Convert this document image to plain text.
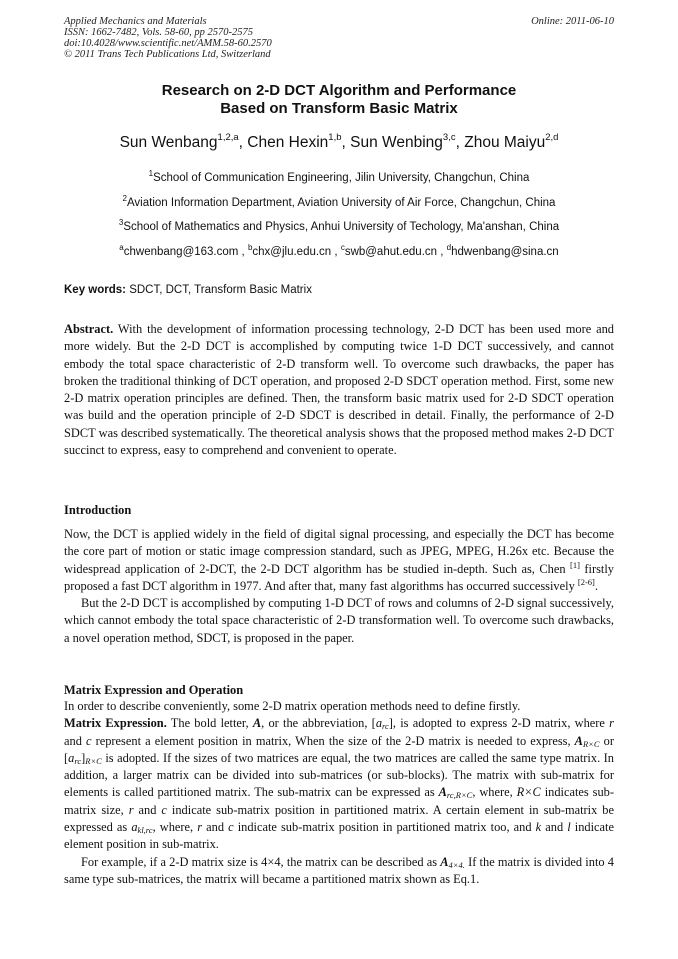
Applied Mechanics and Materials
ISSN: 1662-7482, Vols. 58-60, pp 2570-2575
doi:10.4028/www.scientific.net/AMM.58-60.2570
© 2011 Trans Tech Publications Ltd, Switzerland
Online: 2011-06-10
Research on 2-D DCT Algorithm and Performance
Based on Transform Basic Matrix
Sun Wenbang$^{1,2,a}$, Chen Hexin$^{1,b}$, Sun Wenbing$^{3,c}$, Zhou Maiyu$^{2,d}$
$^1$School of Communication Engineering, Jilin University, Changchun, China
$^2$Aviation Information Department, Aviation University of Air Force, Changchun, China
$^3$School of Mathematics and Physics, Anhui University of Techology, Ma'anshan, China
$^a$chwenbang@163.com , $^b$chx@jlu.edu.cn , $^c$swb@ahut.edu.cn , $^d$hdwenbang@sina.cn
Key words: SDCT, DCT, Transform Basic Matrix

Abstract. With the development of information processing technology, 2-D DCT has been used more and more widely. But the 2-D DCT is accomplished by computing twice 1-D DCT successively, and cannot embody the total space characteristic of 2-D transform well. To overcome such drawbacks, the paper has broken the traditional thinking of DCT operation, and proposed 2-D SDCT operation method. First, some new 2-D matrix operation principles are defined. Then, the transform basic matrix used for 2-D SDCT operation was build and the operation principle of 2-D SDCT is described in detail. Finally, the performance of 2-D SDCT was described systematically. The theoretical analysis shows that the proposed method makes 2-D DCT succinct to express, easy to comprehend and convenient to operate.

Introduction

Now, the DCT is applied widely in the field of digital signal processing, and especially the DCT has become the core part of motion or static image compression standard, such as JPEG, MPEG, H.26x etc. Because the widespread application of 2-DCT, the 2-D DCT algorithm has be studied in-depth. Such as, Chen [1] firstly proposed a fast DCT algorithm in 1977. And after that, many fast algorithms has occurred successively [2-6].

But the 2-D DCT is accomplished by computing 1-D DCT of rows and columns of 2-D signal successively, which cannot embody the total space characteristic of 2-D transformation well. To overcome such drawbacks, a novel operation method, SDCT, is proposed in the paper.

Matrix Expression and Operation

In order to describe conveniently, some 2-D matrix operation methods need to define firstly.

Matrix Expression. The bold letter, A, or the abbreviation, $[a_{rc}]$, is adopted to express 2-D matrix, where r and c represent a element position in matrix, When the size of the 2-D matrix is needed to express, $A_{R\times C}$ or $[a_{rc}]_{R\times C}$ is adopted. If the sizes of two matrices are equal, the two matrices are called the same type matrix. In addition, a larger matrix can be divided into sub-matrices (or sub-blocks). The matrix with sub-matrix for elements is called partitioned matrix. The sub-matrix can be expressed as $A_{rc,R\times C}$, where, R×C indicates sub-matrix size, r and c indicate sub-matrix position in partitioned matrix. A certain element in sub-matrix be expressed as $a_{kl,rc}$, where, r and c indicate sub-matrix position in partitioned matrix too, and k and l indicate element position in sub-matrix.

For example, if a 2-D matrix size is 4×4, the matrix can be described as $A_{4\times 4.}$ If the matrix is divided into 4 same type sub-matrices, the matrix will became a partitioned matrix shown as Eq.1.
